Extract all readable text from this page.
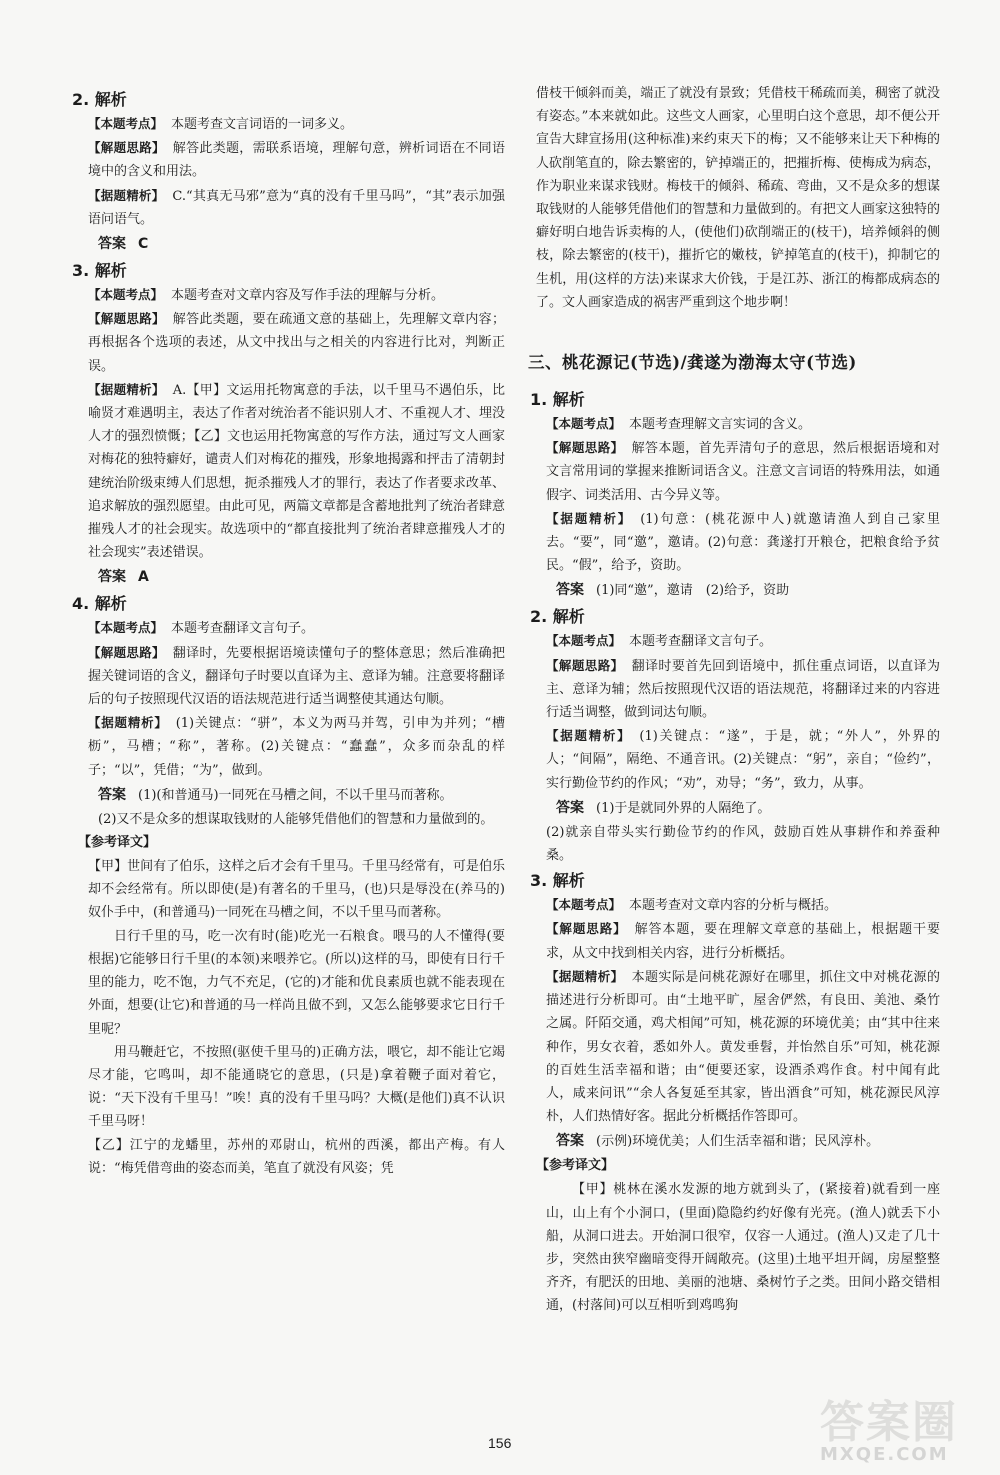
2. 解析
【本题考点】 本题考查文言词语的一词多义。
【解题思路】 解答此类题，需联系语境，理解句意，辨析词语在不同语境中的含义和用法。
【据题精析】 C.“其真无马邪”意为“真的没有千里马吗”，“其”表示加强语问语气。
答案 C
3. 解析
【本题考点】 本题考查对文章内容及写作手法的理解与分析。
【解题思路】 解答此类题，要在疏通文意的基础上，先理解文章内容；再根据各个选项的表述，从文中找出与之相关的内容进行比对，判断正误。
【据题精析】 A.【甲】文运用托物寓意的手法，以千里马不遇伯乐，比喻贤才难遇明主，表达了作者对统治者不能识别人才、不重视人才、埋没人才的强烈愤慨；【乙】文也运用托物寓意的写作方法，通过写文人画家对梅花的独特癖好，谴责人们对梅花的摧残，形象地揭露和抨击了清朝封建统治阶级束缚人们思想，扼杀摧残人才的罪行，表达了作者要求改革、追求解放的强烈愿望。由此可见，两篇文章都是含蓄地批判了统治者肆意摧残人才的社会现实。故选项中的“都直接批判了统治者肆意摧残人才的社会现实”表述错误。
答案 A
4. 解析
【本题考点】 本题考查翻译文言句子。
【解题思路】 翻译时，先要根据语境读懂句子的整体意思；然后准确把握关键词语的含义，翻译句子时要以直译为主、意译为辅。注意要将翻译后的句子按照现代汉语的语法规范进行适当调整使其通达句顺。
【据题精析】 (1)关键点：“骈”，本义为两马并驾，引申为并列；“槽枥”，马槽；“称”，著称。(2)关键点：“蠢蠢”，众多而杂乱的样子；“以”，凭借；“为”，做到。
答案 (1)(和普通马)一同死在马槽之间，不以千里马而著称。
(2)又不是众多的想谋取钱财的人能够凭借他们的智慧和力量做到的。
【参考译文】
【甲】世间有了伯乐，这样之后才会有千里马。千里马经常有，可是伯乐却不会经常有。所以即使(是)有著名的千里马，(也)只是辱没在(养马的)奴仆手中，(和普通马)一同死在马槽之间，不以千里马而著称。
日行千里的马，吃一次有时(能)吃光一石粮食。喂马的人不懂得(要根据)它能够日行千里(的本领)来喂养它。(所以)这样的马，即使有日行千里的能力，吃不饱，力气不充足，(它的)才能和优良素质也就不能表现在外面，想要(让它)和普通的马一样尚且做不到，又怎么能够要求它日行千里呢？
用马鞭赶它，不按照(驱使千里马的)正确方法，喂它，却不能让它竭尽才能，它鸣叫，却不能通晓它的意思，(只是)拿着鞭子面对着它，说：“天下没有千里马！”唉！真的没有千里马吗？大概(是他们)真不认识千里马呀！
【乙】江宁的龙蟠里，苏州的邓尉山，杭州的西溪，都出产梅。有人说：“梅凭借弯曲的姿态而美，笔直了就没有风姿；凭
借枝干倾斜而美，端正了就没有景致；凭借枝干稀疏而美，稠密了就没有姿态。”本来就如此。这些文人画家，心里明白这个意思，却不便公开宣告大肆宣扬用(这种标准)来约束天下的梅；又不能够来让天下种梅的人砍削笔直的，除去繁密的，铲掉端正的，把摧折梅、使梅成为病态，作为职业来谋求钱财。梅枝干的倾斜、稀疏、弯曲，又不是众多的想谋取钱财的人能够凭借他们的智慧和力量做到的。有把文人画家这独特的癖好明白地告诉卖梅的人，(使他们)砍削端正的(枝干)，培养倾斜的侧枝，除去繁密的(枝干)，摧折它的嫩枝，铲掉笔直的(枝干)，抑制它的生机，用(这样的方法)来谋求大价钱，于是江苏、浙江的梅都成病态的了。文人画家造成的祸害严重到这个地步啊！
三、桃花源记(节选)/龚遂为渤海太守(节选)
1. 解析
【本题考点】 本题考查理解文言实词的含义。
【解题思路】 解答本题，首先弄清句子的意思，然后根据语境和对文言常用词的掌握来推断词语含义。注意文言词语的特殊用法，如通假字、词类活用、古今异义等。
【据题精析】 (1)句意：(桃花源中人)就邀请渔人到自己家里去。“要”，同“邀”，邀请。(2)句意：龚遂打开粮仓，把粮食给予贫民。“假”，给予，资助。
答案 (1)同“邀”，邀请　(2)给予，资助
2. 解析
【本题考点】 本题考查翻译文言句子。
【解题思路】 翻译时要首先回到语境中，抓住重点词语，以直译为主、意译为辅；然后按照现代汉语的语法规范，将翻译过来的内容进行适当调整，做到词达句顺。
【据题精析】 (1)关键点：“遂”，于是，就；“外人”，外界的人；“间隔”，隔绝、不通音讯。(2)关键点：“躬”，亲自；“俭约”，实行勤俭节约的作风；“劝”，劝导；“务”，致力，从事。
答案 (1)于是就同外界的人隔绝了。
(2)就亲自带头实行勤俭节约的作风，鼓励百姓从事耕作和养蚕种桑。
3. 解析
【本题考点】 本题考查对文章内容的分析与概括。
【解题思路】 解答本题，要在理解文章意的基础上，根据题干要求，从文中找到相关内容，进行分析概括。
【据题精析】 本题实际是问桃花源好在哪里，抓住文中对桃花源的描述进行分析即可。由“土地平旷，屋舍俨然，有良田、美池、桑竹之属。阡陌交通，鸡犬相闻”可知，桃花源的环境优美；由“其中往来种作，男女衣着，悉如外人。黄发垂髫，并怡然自乐”可知，桃花源的百姓生活幸福和谐；由“便要还家，设酒杀鸡作食。村中闻有此人，咸来问讯”“余人各复延至其家，皆出酒食”可知，桃花源民风淳朴，人们热情好客。据此分析概括作答即可。
答案 (示例)环境优美；人们生活幸福和谐；民风淳朴。
【参考译文】
【甲】桃林在溪水发源的地方就到头了，(紧接着)就看到一座山，山上有个小洞口，(里面)隐隐约约好像有光亮。(渔人)就丢下小船，从洞口进去。开始洞口很窄，仅容一人通过。(渔人)又走了几十步，突然由狭窄幽暗变得开阔敞亮。(这里)土地平坦开阔，房屋整整齐齐，有肥沃的田地、美丽的池塘、桑树竹子之类。田间小路交错相通，(村落间)可以互相听到鸡鸣狗
156	答案圈
MXQE.COM
